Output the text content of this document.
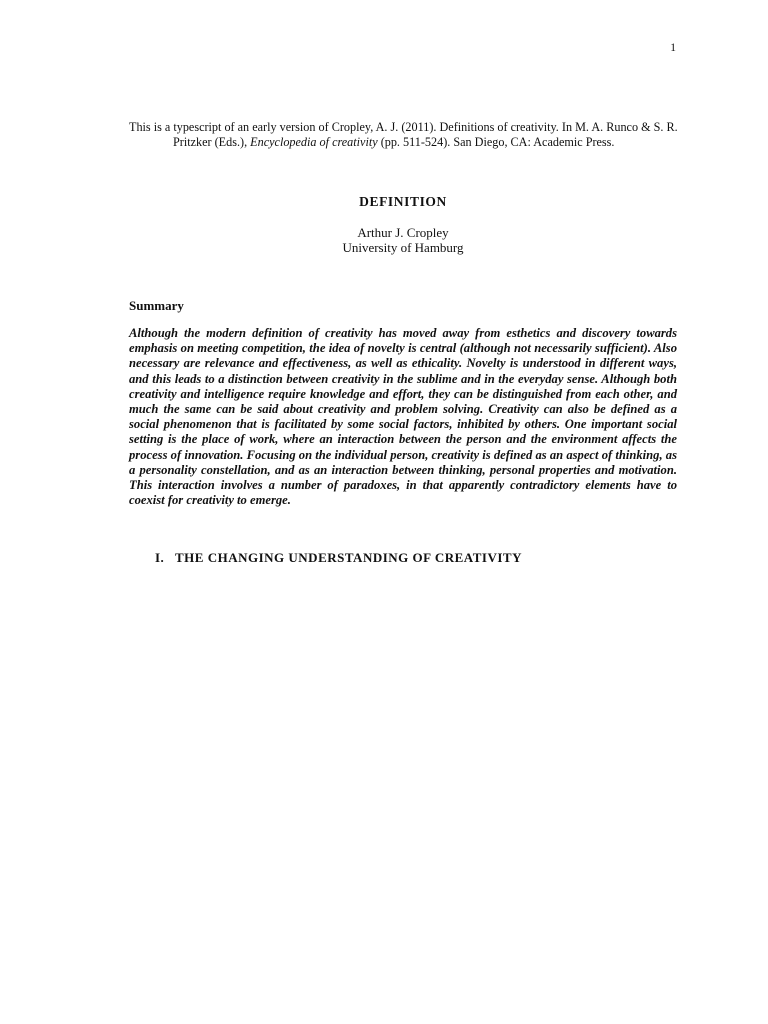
1
This is a typescript of an early version of Cropley, A. J. (2011). Definitions of creativity. In M. A. Runco & S. R. Pritzker (Eds.), Encyclopedia of creativity (pp. 511-524). San Diego, CA: Academic Press.
DEFINITION
Arthur J. Cropley
University of Hamburg
Summary
Although the modern definition of creativity has moved away from esthetics and discovery towards emphasis on meeting competition, the idea of novelty is central (although not necessarily sufficient). Also necessary are relevance and effectiveness, as well as ethicality. Novelty is understood in different ways, and this leads to a distinction between creativity in the sublime and in the everyday sense. Although both creativity and intelligence require knowledge and effort, they can be distinguished from each other, and much the same can be said about creativity and problem solving. Creativity can also be defined as a social phenomenon that is facilitated by some social factors, inhibited by others. One important social setting is the place of work, where an interaction between the person and the environment affects the process of innovation. Focusing on the individual person, creativity is defined as an aspect of thinking, as a personality constellation, and as an interaction between thinking, personal properties and motivation. This interaction involves a number of paradoxes, in that apparently contradictory elements have to coexist for creativity to emerge.
I. THE CHANGING UNDERSTANDING OF CREATIVITY
